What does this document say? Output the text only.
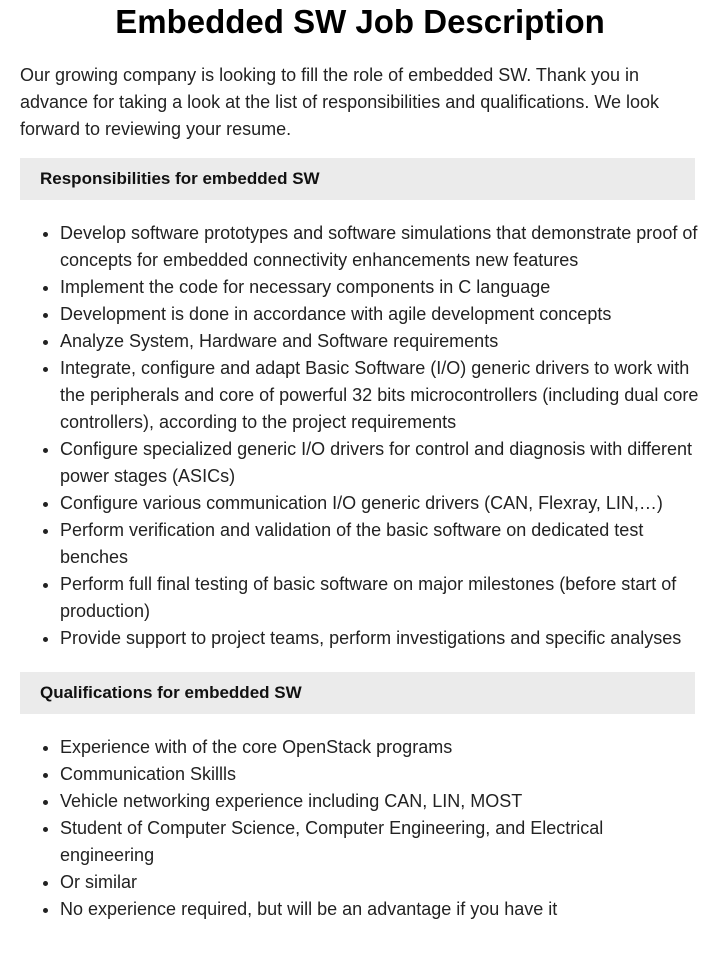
Embedded SW Job Description

Our growing company is looking to fill the role of embedded SW. Thank you in advance for taking a look at the list of responsibilities and qualifications. We look forward to reviewing your resume.

Responsibilities for embedded SW
• Develop software prototypes and software simulations that demonstrate proof of concepts for embedded connectivity enhancements new features
• Implement the code for necessary components in C language
• Development is done in accordance with agile development concepts
• Analyze System, Hardware and Software requirements
• Integrate, configure and adapt Basic Software (I/O) generic drivers to work with the peripherals and core of powerful 32 bits microcontrollers (including dual core controllers), according to the project requirements
• Configure specialized generic I/O drivers for control and diagnosis with different power stages (ASICs)
• Configure various communication I/O generic drivers (CAN, Flexray, LIN,…)
• Perform verification and validation of the basic software on dedicated test benches
• Perform full final testing of basic software on major milestones (before start of production)
• Provide support to project teams, perform investigations and specific analyses
Qualifications for embedded SW
• Experience with of the core OpenStack programs
• Communication Skillls
• Vehicle networking experience including CAN, LIN, MOST
• Student of Computer Science, Computer Engineering, and Electrical engineering
• Or similar
• No experience required, but will be an advantage if you have it
